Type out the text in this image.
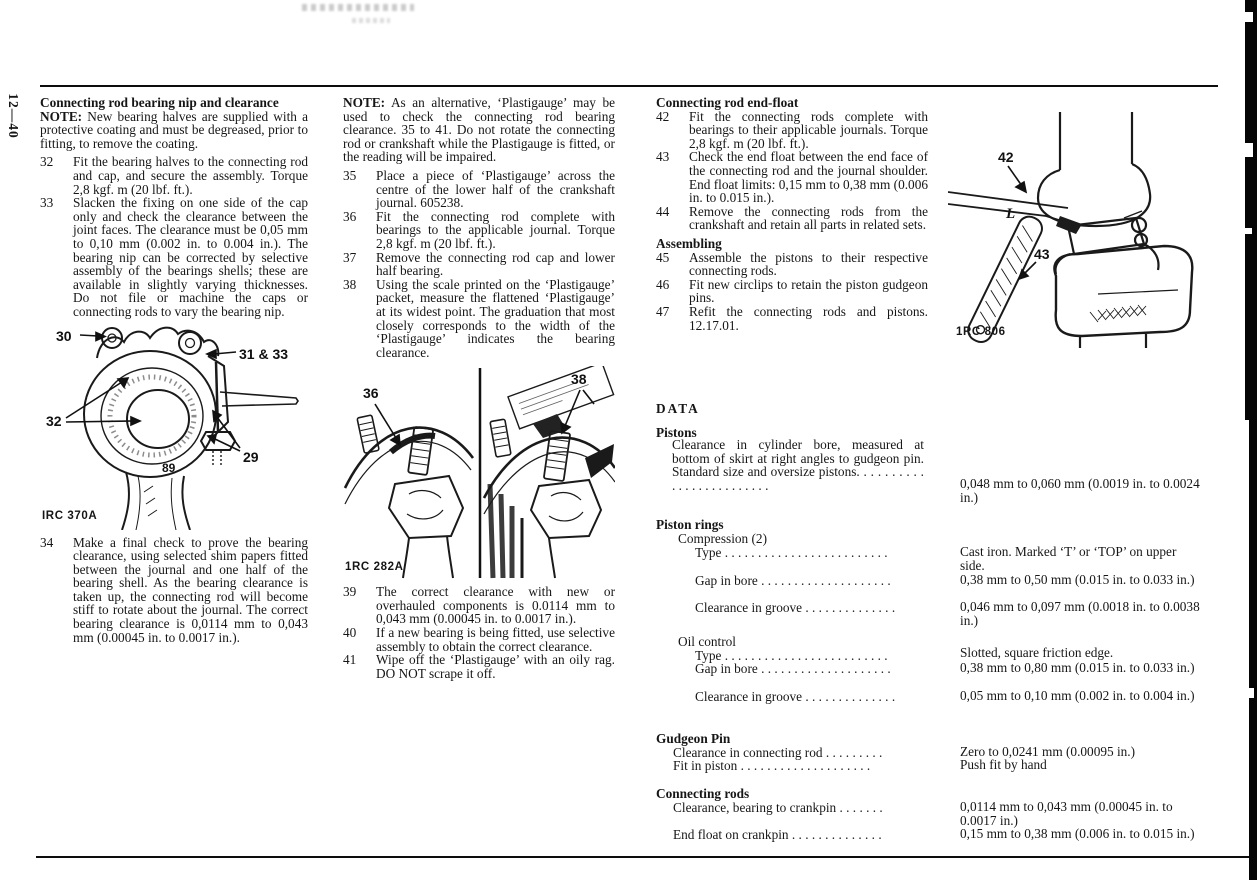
12—40 Connecting rod bearing nip and clearance
NOTE: New bearing halves are supplied with a protective coating and must be degreased, prior to fitting, to remove the coating.
32 Fit the bearing halves to the connecting rod and cap, and secure the assembly. Torque 2,8 kgf. m (20 lbf. ft.).
33 Slacken the fixing on one side of the cap only and check the clearance between the joint faces. The clearance must be 0,05 mm to 0,10 mm (0.002 in. to 0.004 in.). The bearing nip can be corrected by selective assembly of the bearings shells; these are available in slightly varying thicknesses. Do not file or machine the caps or connecting rods to vary the bearing nip.
30
31 & 33
32
29
89
IRC 370A
34 Make a final check to prove the bearing clearance, using selected shim papers fitted between the journal and one half of the bearing shell. As the bearing clearance is taken up, the connecting rod will become stiff to rotate about the journal. The correct bearing clearance is 0,0114 mm to 0,043 mm (0.00045 in. to 0.0017 in.).
NOTE: As an alternative, ‘Plastigauge’ may be used to check the connecting rod bearing clearance. 35 to 41. Do not rotate the connecting rod or crankshaft while the Plastigauge is fitted, or the reading will be impaired.
35 Place a piece of ‘Plastigauge’ across the centre of the lower half of the crankshaft journal. 605238.
36 Fit the connecting rod complete with bearings to the applicable journal. Torque 2,8 kgf. m (20 lbf. ft.).
37 Remove the connecting rod cap and lower half bearing.
38 Using the scale printed on the ‘Plastigauge’ packet, measure the flattened ‘Plastigauge’ at its widest point. The graduation that most closely corresponds to the width of the ‘Plastigauge’ indicates the bearing clearance.
36
38
1RC 282A
39 The correct clearance with new or overhauled components is 0.0114 mm to 0,043 mm (0.00045 in. to 0.0017 in.).
40 If a new bearing is being fitted, use selective assembly to obtain the correct clearance.
41 Wipe off the ‘Plastigauge’ with an oily rag. DO NOT scrape it off.
Connecting rod end-float
42 Fit the connecting rods complete with bearings to their applicable journals. Torque 2,8 kgf. m (20 lbf. ft.).
43 Check the end float between the end face of the connecting rod and the journal shoulder. End float limits: 0,15 mm to 0,38 mm (0.006 in. to 0.015 in.).
44 Remove the connecting rods from the crankshaft and retain all parts in related sets.
Assembling
45 Assemble the pistons to their respective connecting rods.
46 Fit new circlips to retain the piston gudgeon pins.
47 Refit the connecting rods and pistons. 12.17.01.
42
43
L
1RC 806
DATA
Pistons
Clearance in cylinder bore, measured at bottom of skirt at right angles to gudgeon pin. Standard size and oversize pistons. . . . . . . . . . . . . . . . . . . . . . . . .	0,048 mm to 0,060 mm (0.0019 in. to 0.0024 in.)
Piston rings
Compression (2)
Type . . . . . . . . . . . . . . . . . . . . . . . . .	Cast iron. Marked ‘T’ or ‘TOP’ on upper side.
Gap in bore . . . . . . . . . . . . . . . . . . . .	0,38 mm to 0,50 mm (0.015 in. to 0.033 in.)
Clearance in groove . . . . . . . . . . . . . .	0,046 mm to 0,097 mm (0.0018 in. to 0.0038 in.)
Oil control
Type . . . . . . . . . . . . . . . . . . . . . . . . .	Slotted, square friction edge.
Gap in bore . . . . . . . . . . . . . . . . . . . .	0,38 mm to 0,80 mm (0.015 in. to 0.033 in.)
Clearance in groove . . . . . . . . . . . . . .	0,05 mm to 0,10 mm (0.002 in. to 0.004 in.)
Gudgeon Pin
Clearance in connecting rod . . . . . . . . .	Zero to 0,0241 mm (0.00095 in.)
Fit in piston . . . . . . . . . . . . . . . . . . . .	Push fit by hand
Connecting rods
Clearance, bearing to crankpin . . . . . . .	0,0114 mm to 0,043 mm (0.00045 in. to 0.0017 in.)
End float on crankpin . . . . . . . . . . . . . .	0,15 mm to 0,38 mm (0.006 in. to 0.015 in.)
